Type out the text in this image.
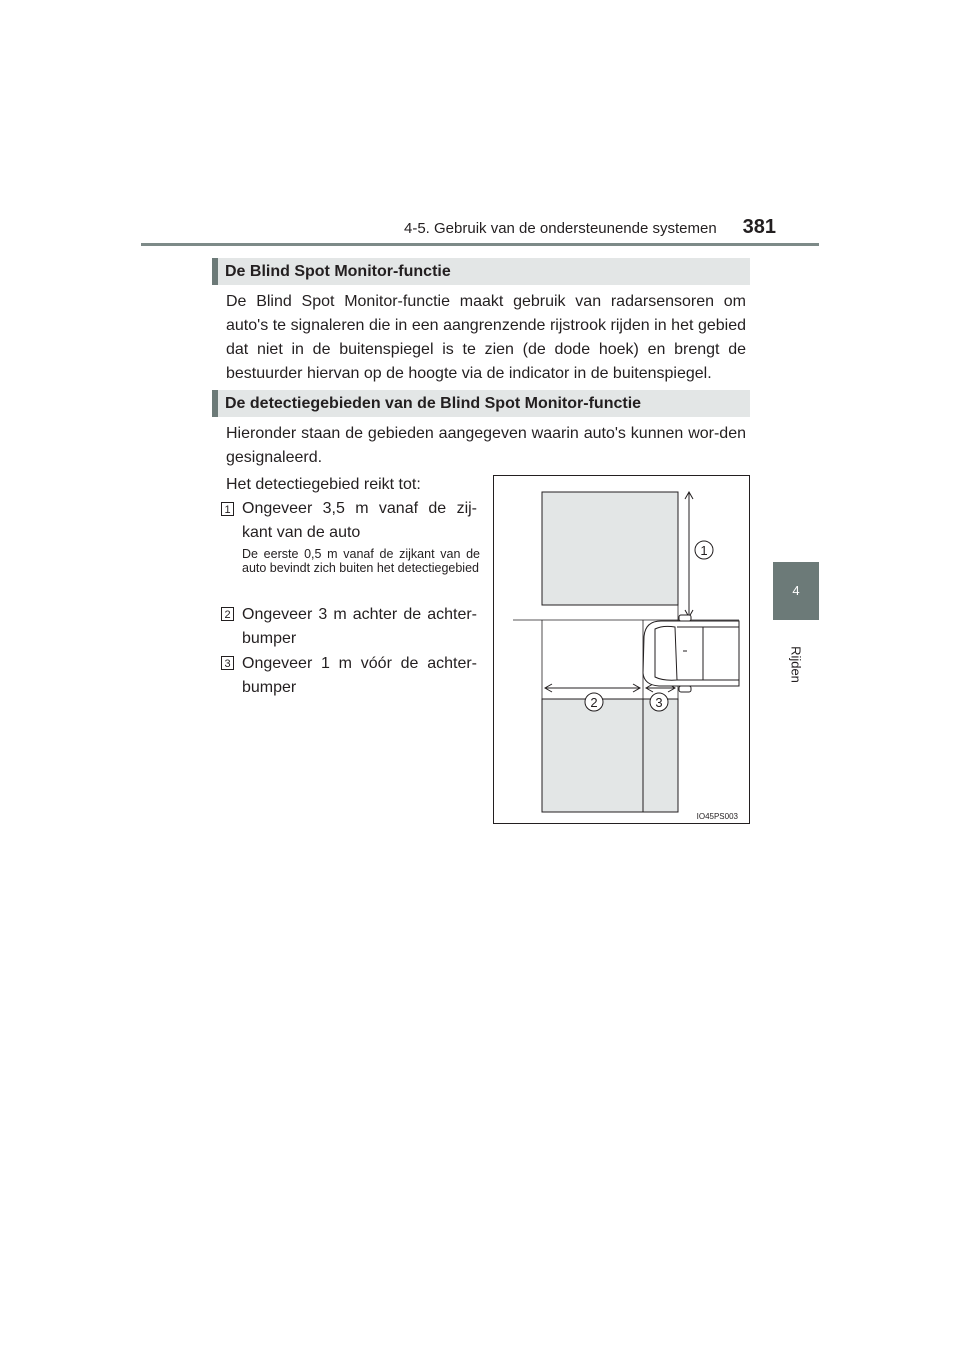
4-5. Gebruik van de ondersteunende systemen	381
4
Rijden
De Blind Spot Monitor-functie
De Blind Spot Monitor-functie maakt gebruik van radarsensoren om auto's te signaleren die in een aangrenzende rijstrook rijden in het gebied dat niet in de buitenspiegel is te zien (de dode hoek) en brengt de bestuurder hiervan op de hoogte via de indicator in de buitenspiegel.
De detectiegebieden van de Blind Spot Monitor-functie
Hieronder staan de gebieden aangegeven waarin auto's kunnen wor-den gesignaleerd.
Het detectiegebied reikt tot:
1 Ongeveer 3,5 m vanaf de zij-kant van de auto
De eerste 0,5 m vanaf de zijkant van de auto bevindt zich buiten het detectiegebied
2 Ongeveer 3 m achter de achter-bumper
3 Ongeveer 1 m vóór de achter-bumper
1
2	3
IO45PS003
